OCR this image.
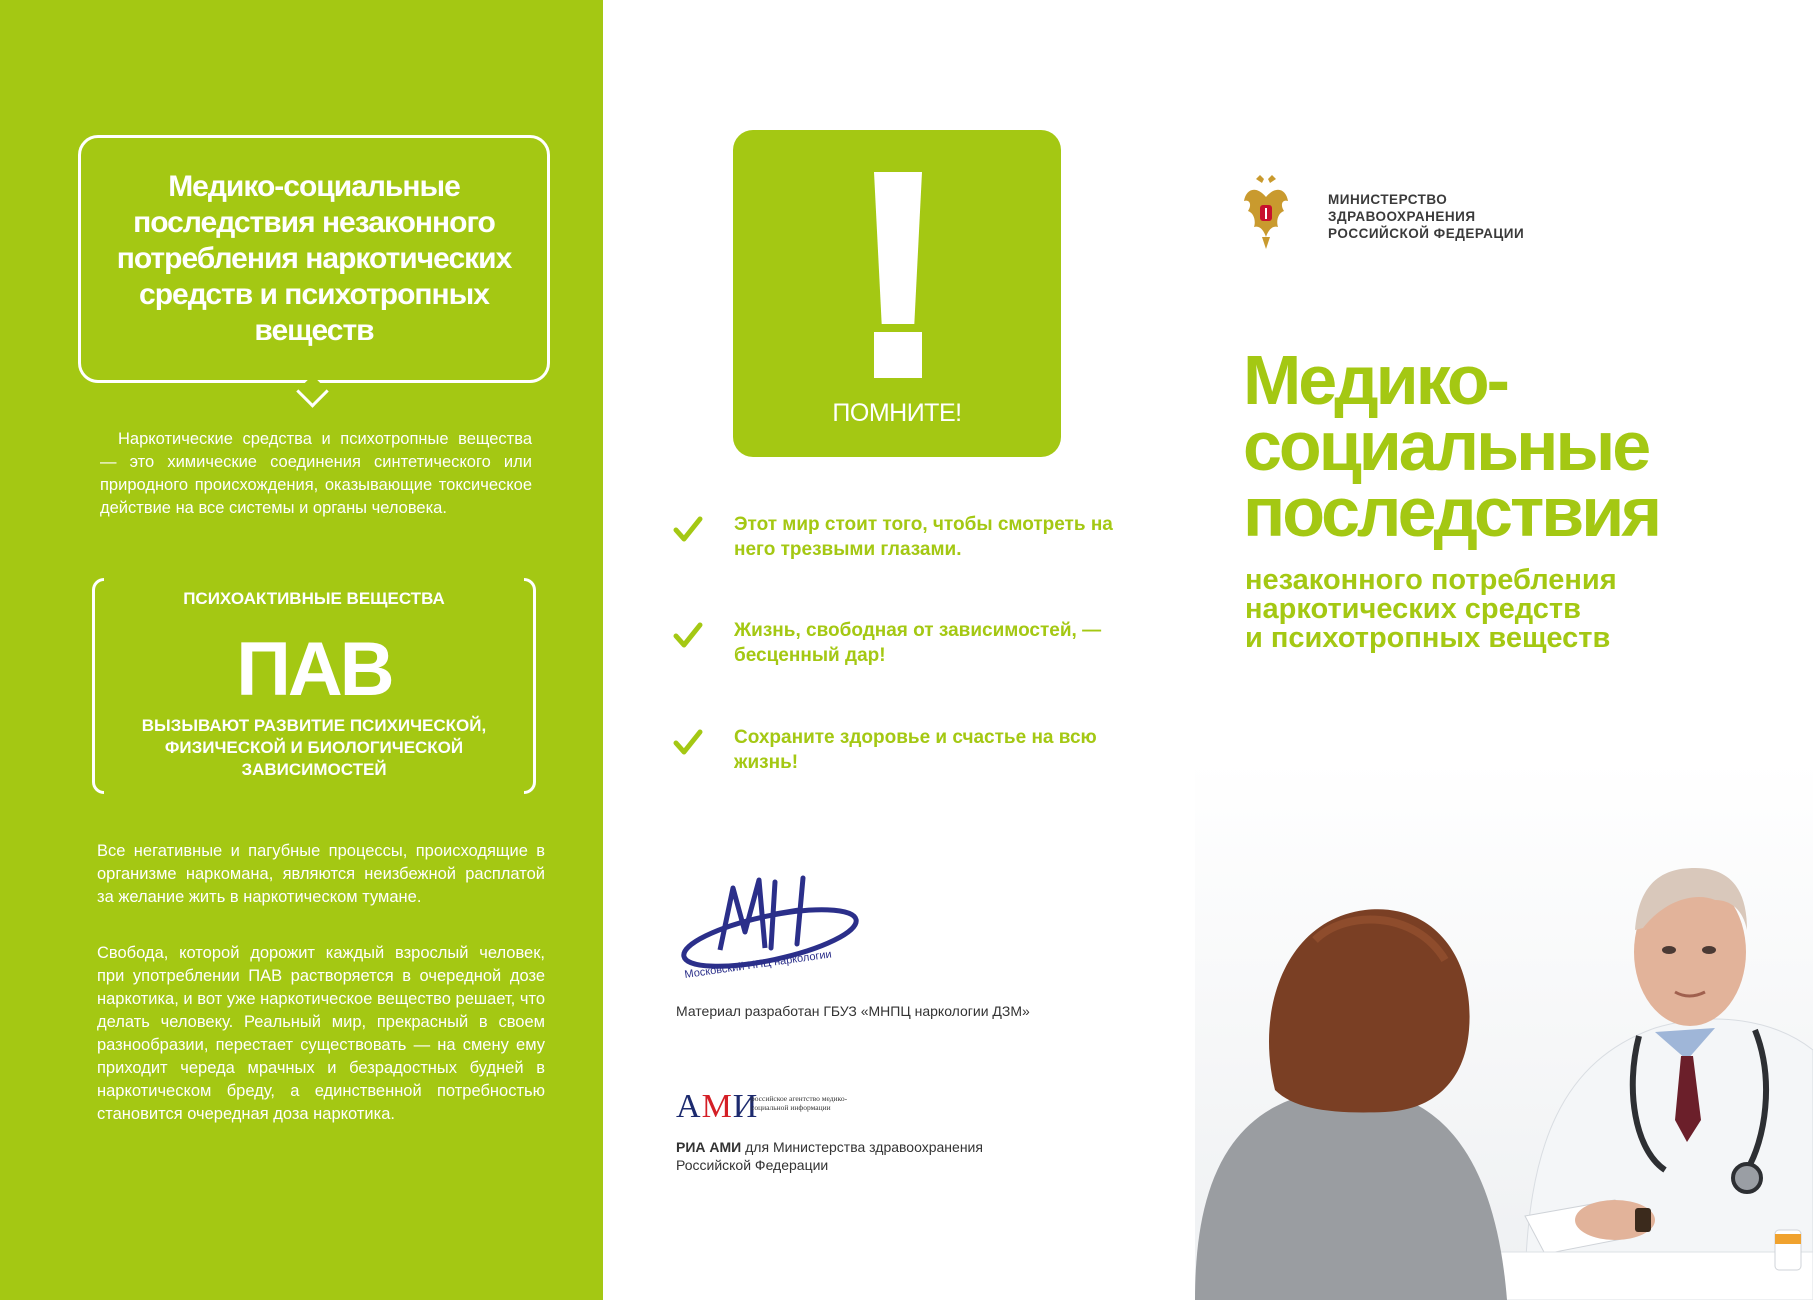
Медико-социальные последствия незаконного потребления наркотических средств и психотропных веществ

Наркотические средства и психотропные вещества — это химические соединения синтетического или природного происхождения, оказывающие токсическое действие на все системы и органы человека.

ПСИХОАКТИВНЫЕ ВЕЩЕСТВА

ПАВ

ВЫЗЫВАЮТ РАЗВИТИЕ ПСИХИЧЕСКОЙ, ФИЗИЧЕСКОЙ И БИОЛОГИЧЕСКОЙ ЗАВИСИМОСТЕЙ

Все негативные и пагубные процессы, происходящие в организме наркомана, являются неизбежной расплатой за желание жить в наркотическом тумане.

Свобода, которой дорожит каждый взрослый человек, при употреблении ПАВ растворяется в очередной дозе наркотика, и вот уже наркотическое вещество решает, что делать человеку. Реальный мир, прекрасный в своем разнообразии, перестает существовать — на смену ему приходит череда мрачных и безрадостных будней в наркотическом бреду, а единственной потребностью становится очередная доза наркотика.

ПОМНИТЕ!

Этот мир стоит того, чтобы смотреть на него трезвыми глазами.

Жизнь, свободная от зависимостей, — бесценный дар!

Сохраните здоровье и счастье на всю жизнь!

Московский НПЦ наркологии

Материал разработан ГБУЗ «МНПЦ наркологии ДЗМ»

АМИ

российское агентство медико-социальной информации

РИА АМИ для Министерства здравоохранения Российской Федерации

МИНИСТЕРСТВО
ЗДРАВООХРАНЕНИЯ
РОССИЙСКОЙ ФЕДЕРАЦИИ
Медико-
социальные
последствия

незаконного потребления
наркотических средств
и психотропных веществ
